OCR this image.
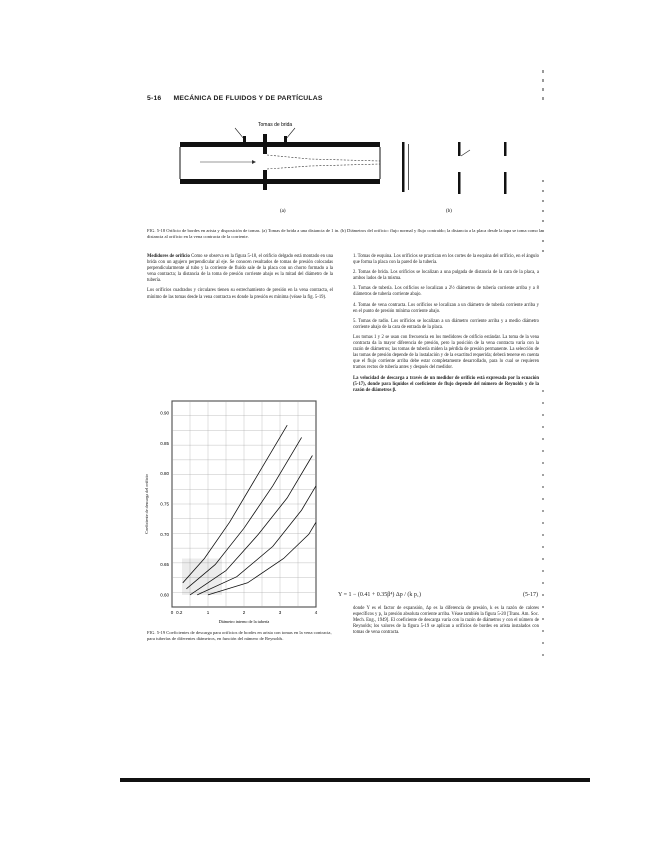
5-16 MECÁNICA DE FLUIDOS Y DE PARTÍCULAS
Tomas de brida
(a)	(b)
FIG. 5-18 Orificio de bordes en arista y disposición de tomas. (a) Tomas de brida a una distancia de 1 in. (b) Diámetros del orificio: flujo normal y flujo contraído; la distancia a la placa desde la tapa se toma como la distancia al orificio en la vena contracta de la corriente.

Medidores de orificio Como se observa en la figura 5-18, el orificio delgado está montado en una brida con un agujero perpendicular al eje. Se conocen resultados de tomas de presión colocadas perpendicularmente al tubo y la corriente de fluido sale de la placa con un chorro formado a la vena contracta; la distancia de la toma de presión corriente abajo es la mitad del diámetro de la tubería.

Los orificios cuadrados y circulares tienen su estrechamiento de presión en la vena contracta, el mínimo de las tomas desde la vena contracta es donde la presión es mínima (véase la fig. 5-19).

0.60
0.65
0.70
0.75
0.80
0.85
0.90
0 0.2	1	2	3	4
Diámetro interno de la tubería
Coeficiente de descarga del orificio
FIG. 5-19 Coeficientes de descarga para orificios de bordes en arista con tomas en la vena contracta, para tuberías de diferentes diámetros, en función del número de Reynolds.

1. Tomas de esquina. Los orificios se practican en los cortes de la esquina del orificio, en el ángulo que forma la placa con la pared de la tubería.

2. Tomas de brida. Los orificios se localizan a una pulgada de distancia de la cara de la placa, a ambos lados de la misma.

3. Tomas de tubería. Los orificios se localizan a 2½ diámetros de tubería corriente arriba y a 8 diámetros de tubería corriente abajo.

4. Tomas de vena contracta. Los orificios se localizan a un diámetro de tubería corriente arriba y en el punto de presión mínima corriente abajo.

5. Tomas de radio. Los orificios se localizan a un diámetro corriente arriba y a medio diámetro corriente abajo de la cara de entrada de la placa.

Los tomas 1 y 2 se usan con frecuencia en los medidores de orificio estándar. La toma de la vena contracta da la mayor diferencia de presión, pero la posición de la vena contracta varía con la razón de diámetros; las tomas de tubería miden la pérdida de presión permanente. La selección de las tomas de presión depende de la instalación y de la exactitud requerida; deberá tenerse en cuenta que el flujo corriente arriba debe estar completamente desarrollado, para lo cual se requieren tramos rectos de tubería antes y después del medidor.

La velocidad de descarga a través de un medidor de orificio está expresada por la ecuación (5-17), donde para líquidos el coeficiente de flujo depende del número de Reynolds y de la razón de diámetros β.

Y = 1 − (0.41 + 0.35β⁴) Δp / (k p₁)	(5-17)

donde Y es el factor de expansión, Δp es la diferencia de presión, k es la razón de calores específicos y p₁ la presión absoluta corriente arriba. Véase también la figura 5-20 [Trans. Am. Soc. Mech. Eng., 1949]. El coeficiente de descarga varía con la razón de diámetros y con el número de Reynolds; los valores de la figura 5-19 se aplican a orificios de bordes en arista instalados con tomas de vena contracta.
